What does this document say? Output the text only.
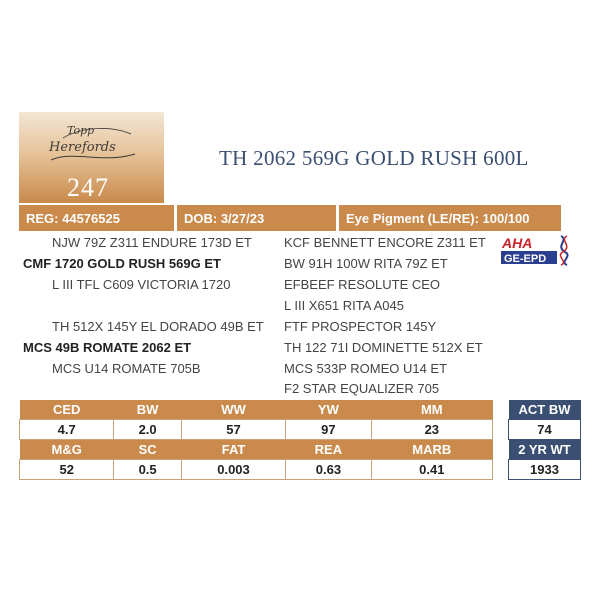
Topp
Herefords
247
TH 2062 569G GOLD RUSH 600L
REG: 44576525	DOB: 3/27/23	Eye Pigment (LE/RE): 100/100
NJW 79Z Z311 ENDURE 173D ET
CMF 1720 GOLD RUSH 569G ET
L III TFL C609 VICTORIA 1720
TH 512X 145Y EL DORADO 49B ET
MCS 49B ROMATE 2062 ET
MCS U14 ROMATE 705B
KCF BENNETT ENCORE Z311 ET
BW 91H 100W RITA 79Z ET
EFBEEF RESOLUTE CEO
L III X651 RITA A045
FTF PROSPECTOR 145Y
TH 122 71I DOMINETTE 512X ET
MCS 533P ROMEO U14 ET
F2 STAR EQUALIZER 705
AHA
GE-EPD
CED	BW	WW	YW	MM
4.7	2.0	57	97	23
M&G	SC	FAT	REA	MARB
52	0.5	0.003	0.63	0.41
ACT BW
74
2 YR WT
1933
